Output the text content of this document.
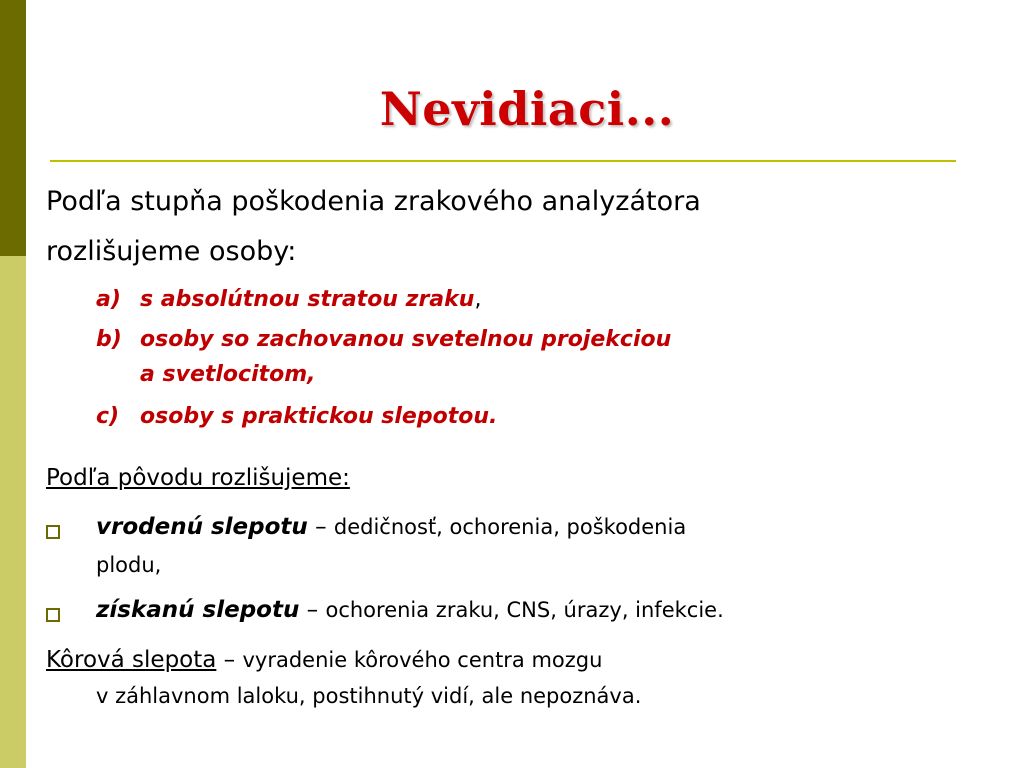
Nevidiaci...
Podľa stupňa poškodenia zrakového analyzátora
rozlišujeme osoby:
a) s absolútnou stratou zraku,
b) osoby so zachovanou svetelnou projekciou
a svetlocitom,
c) osoby s praktickou slepotou.
Podľa pôvodu rozlišujeme:
vrodenú slepotu – dedičnosť, ochorenia, poškodenia
plodu,
získanú slepotu – ochorenia zraku, CNS, úrazy, infekcie.
Kôrová slepota – vyradenie kôrového centra mozgu
v záhlavnom laloku, postihnutý vidí, ale nepoznáva.
